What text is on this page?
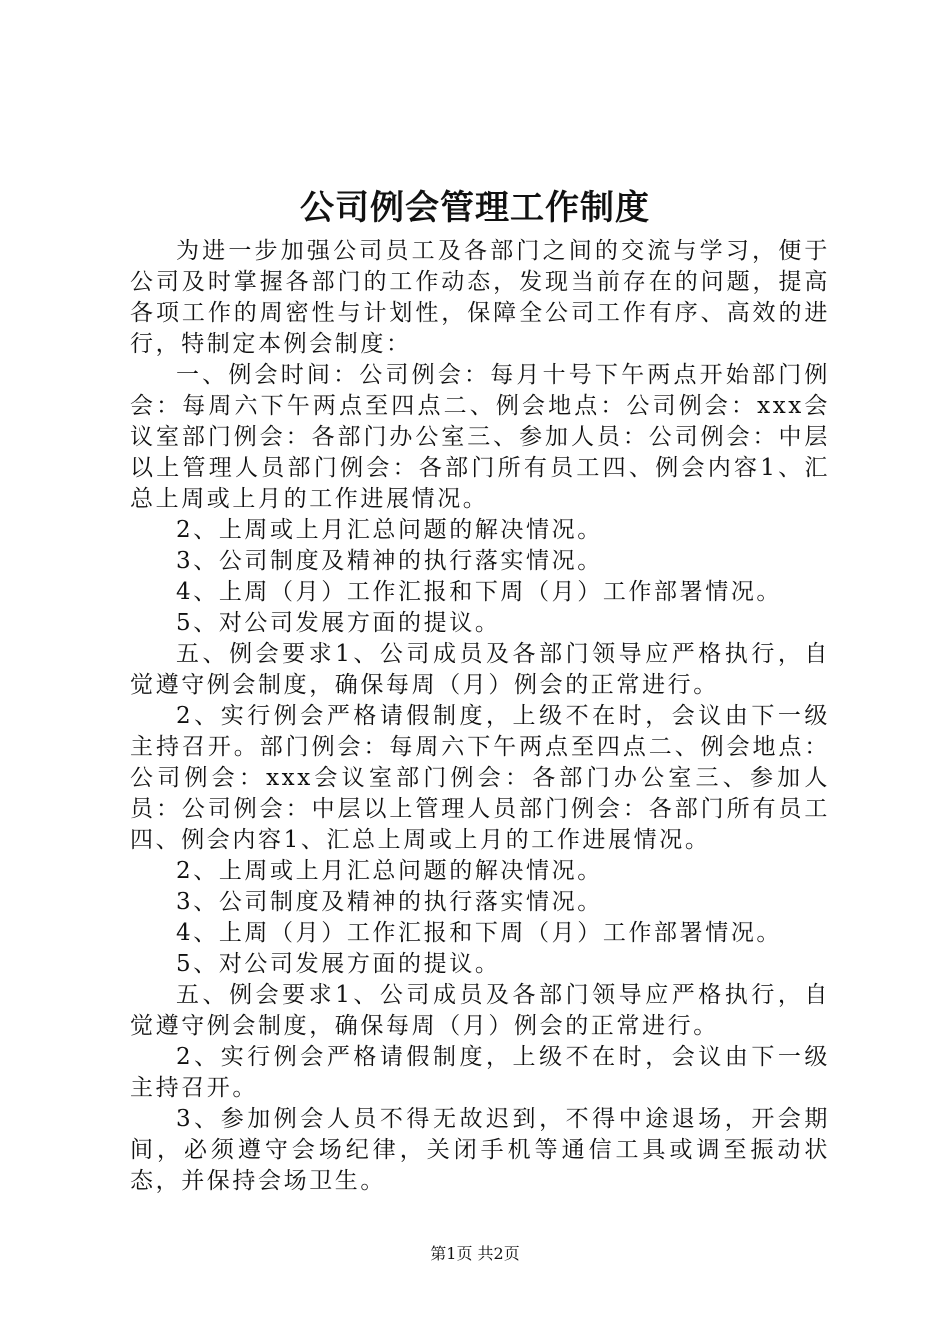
公司例会管理工作制度

为进一步加强公司员工及各部门之间的交流与学习，便于公司及时掌握各部门的工作动态，发现当前存在的问题，提高各项工作的周密性与计划性，保障全公司工作有序、高效的进行，特制定本例会制度：

一、例会时间：公司例会：每月十号下午两点开始部门例会：每周六下午两点至四点二、例会地点：公司例会：xxx会议室部门例会：各部门办公室三、参加人员：公司例会：中层以上管理人员部门例会：各部门所有员工四、例会内容1、汇总上周或上月的工作进展情况。

2、上周或上月汇总问题的解决情况。

3、公司制度及精神的执行落实情况。

4、上周（月）工作汇报和下周（月）工作部署情况。

5、对公司发展方面的提议。

五、例会要求1、公司成员及各部门领导应严格执行，自觉遵守例会制度，确保每周（月）例会的正常进行。

2、实行例会严格请假制度，上级不在时，会议由下一级主持召开。部门例会：每周六下午两点至四点二、例会地点：公司例会：xxx会议室部门例会：各部门办公室三、参加人员：公司例会：中层以上管理人员部门例会：各部门所有员工四、例会内容1、汇总上周或上月的工作进展情况。

2、上周或上月汇总问题的解决情况。

3、公司制度及精神的执行落实情况。

4、上周（月）工作汇报和下周（月）工作部署情况。

5、对公司发展方面的提议。

五、例会要求1、公司成员及各部门领导应严格执行，自觉遵守例会制度，确保每周（月）例会的正常进行。

2、实行例会严格请假制度，上级不在时，会议由下一级主持召开。

3、参加例会人员不得无故迟到，不得中途退场，开会期间，必须遵守会场纪律，关闭手机等通信工具或调至振动状态，并保持会场卫生。

第1页 共2页
